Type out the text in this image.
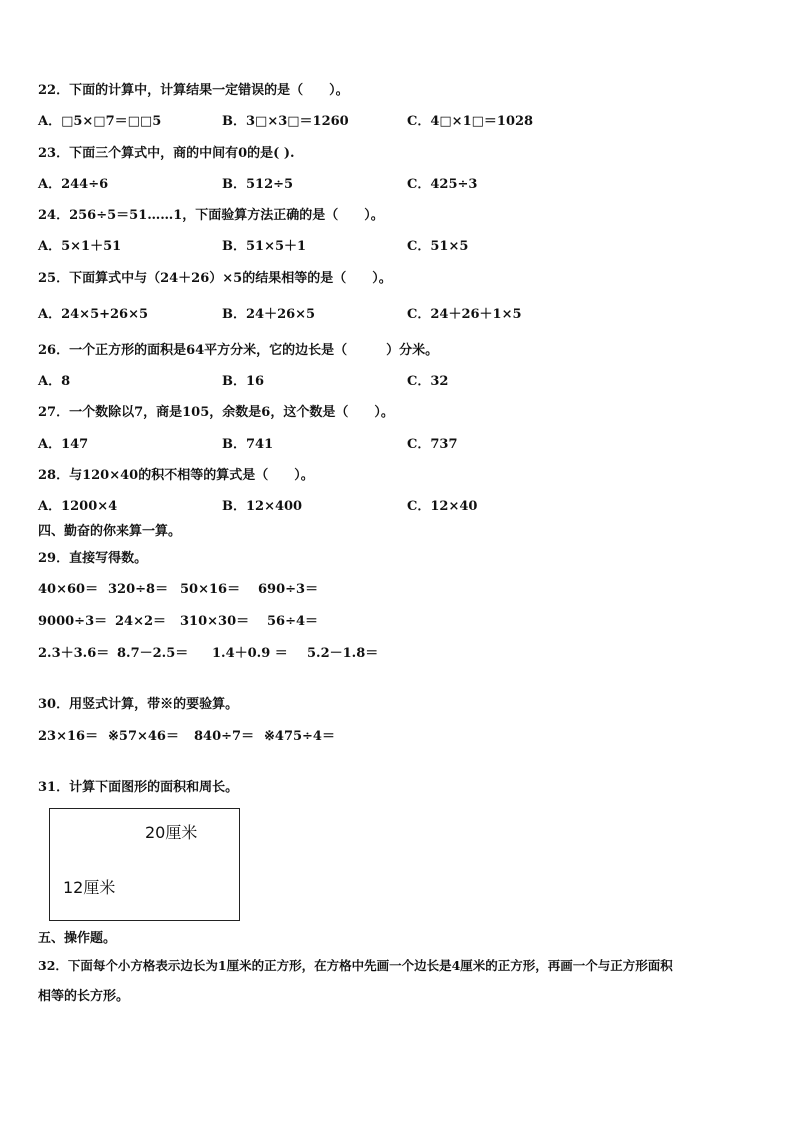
22．下面的计算中，计算结果一定错误的是（　　）。
A．□5×□7＝□□5	B．3□×3□＝1260	C．4□×1□＝1028
23．下面三个算式中，商的中间有0的是( ).
A．244÷6	B．512÷5	C．425÷3
24．256÷5＝51……1，下面验算方法正确的是（　　）。
A．5×1＋51	B．51×5＋1	C．51×5
25．下面算式中与（24＋26）×5的结果相等的是（　　）。
A．24×5+26×5	B．24＋26×5	C．24＋26＋1×5
26．一个正方形的面积是64平方分米，它的边长是（　　　）分米。
A．8	B．16	C．32
27．一个数除以7，商是105，余数是6，这个数是（　　）。
A．147	B．741	C．737
28．与120×40的积不相等的算式是（　　）。
A．1200×4	B．12×400	C．12×40
四、勤奋的你来算一算。
29．直接写得数。
40×60＝ 320÷8＝ 50×16＝ 690÷3＝
9000÷3＝ 24×2＝ 310×30＝ 56÷4＝
2.3＋3.6＝ 8.7－2.5＝ 1.4＋0.9 ＝ 5.2－1.8＝
30．用竖式计算，带※的要验算。
23×16＝ ※57×46＝ 840÷7＝ ※475÷4＝
31．计算下面图形的面积和周长。
20厘米
12厘米
五、操作题。
32．下面每个小方格表示边长为1厘米的正方形，在方格中先画一个边长是4厘米的正方形，再画一个与正方形面积
相等的长方形。
